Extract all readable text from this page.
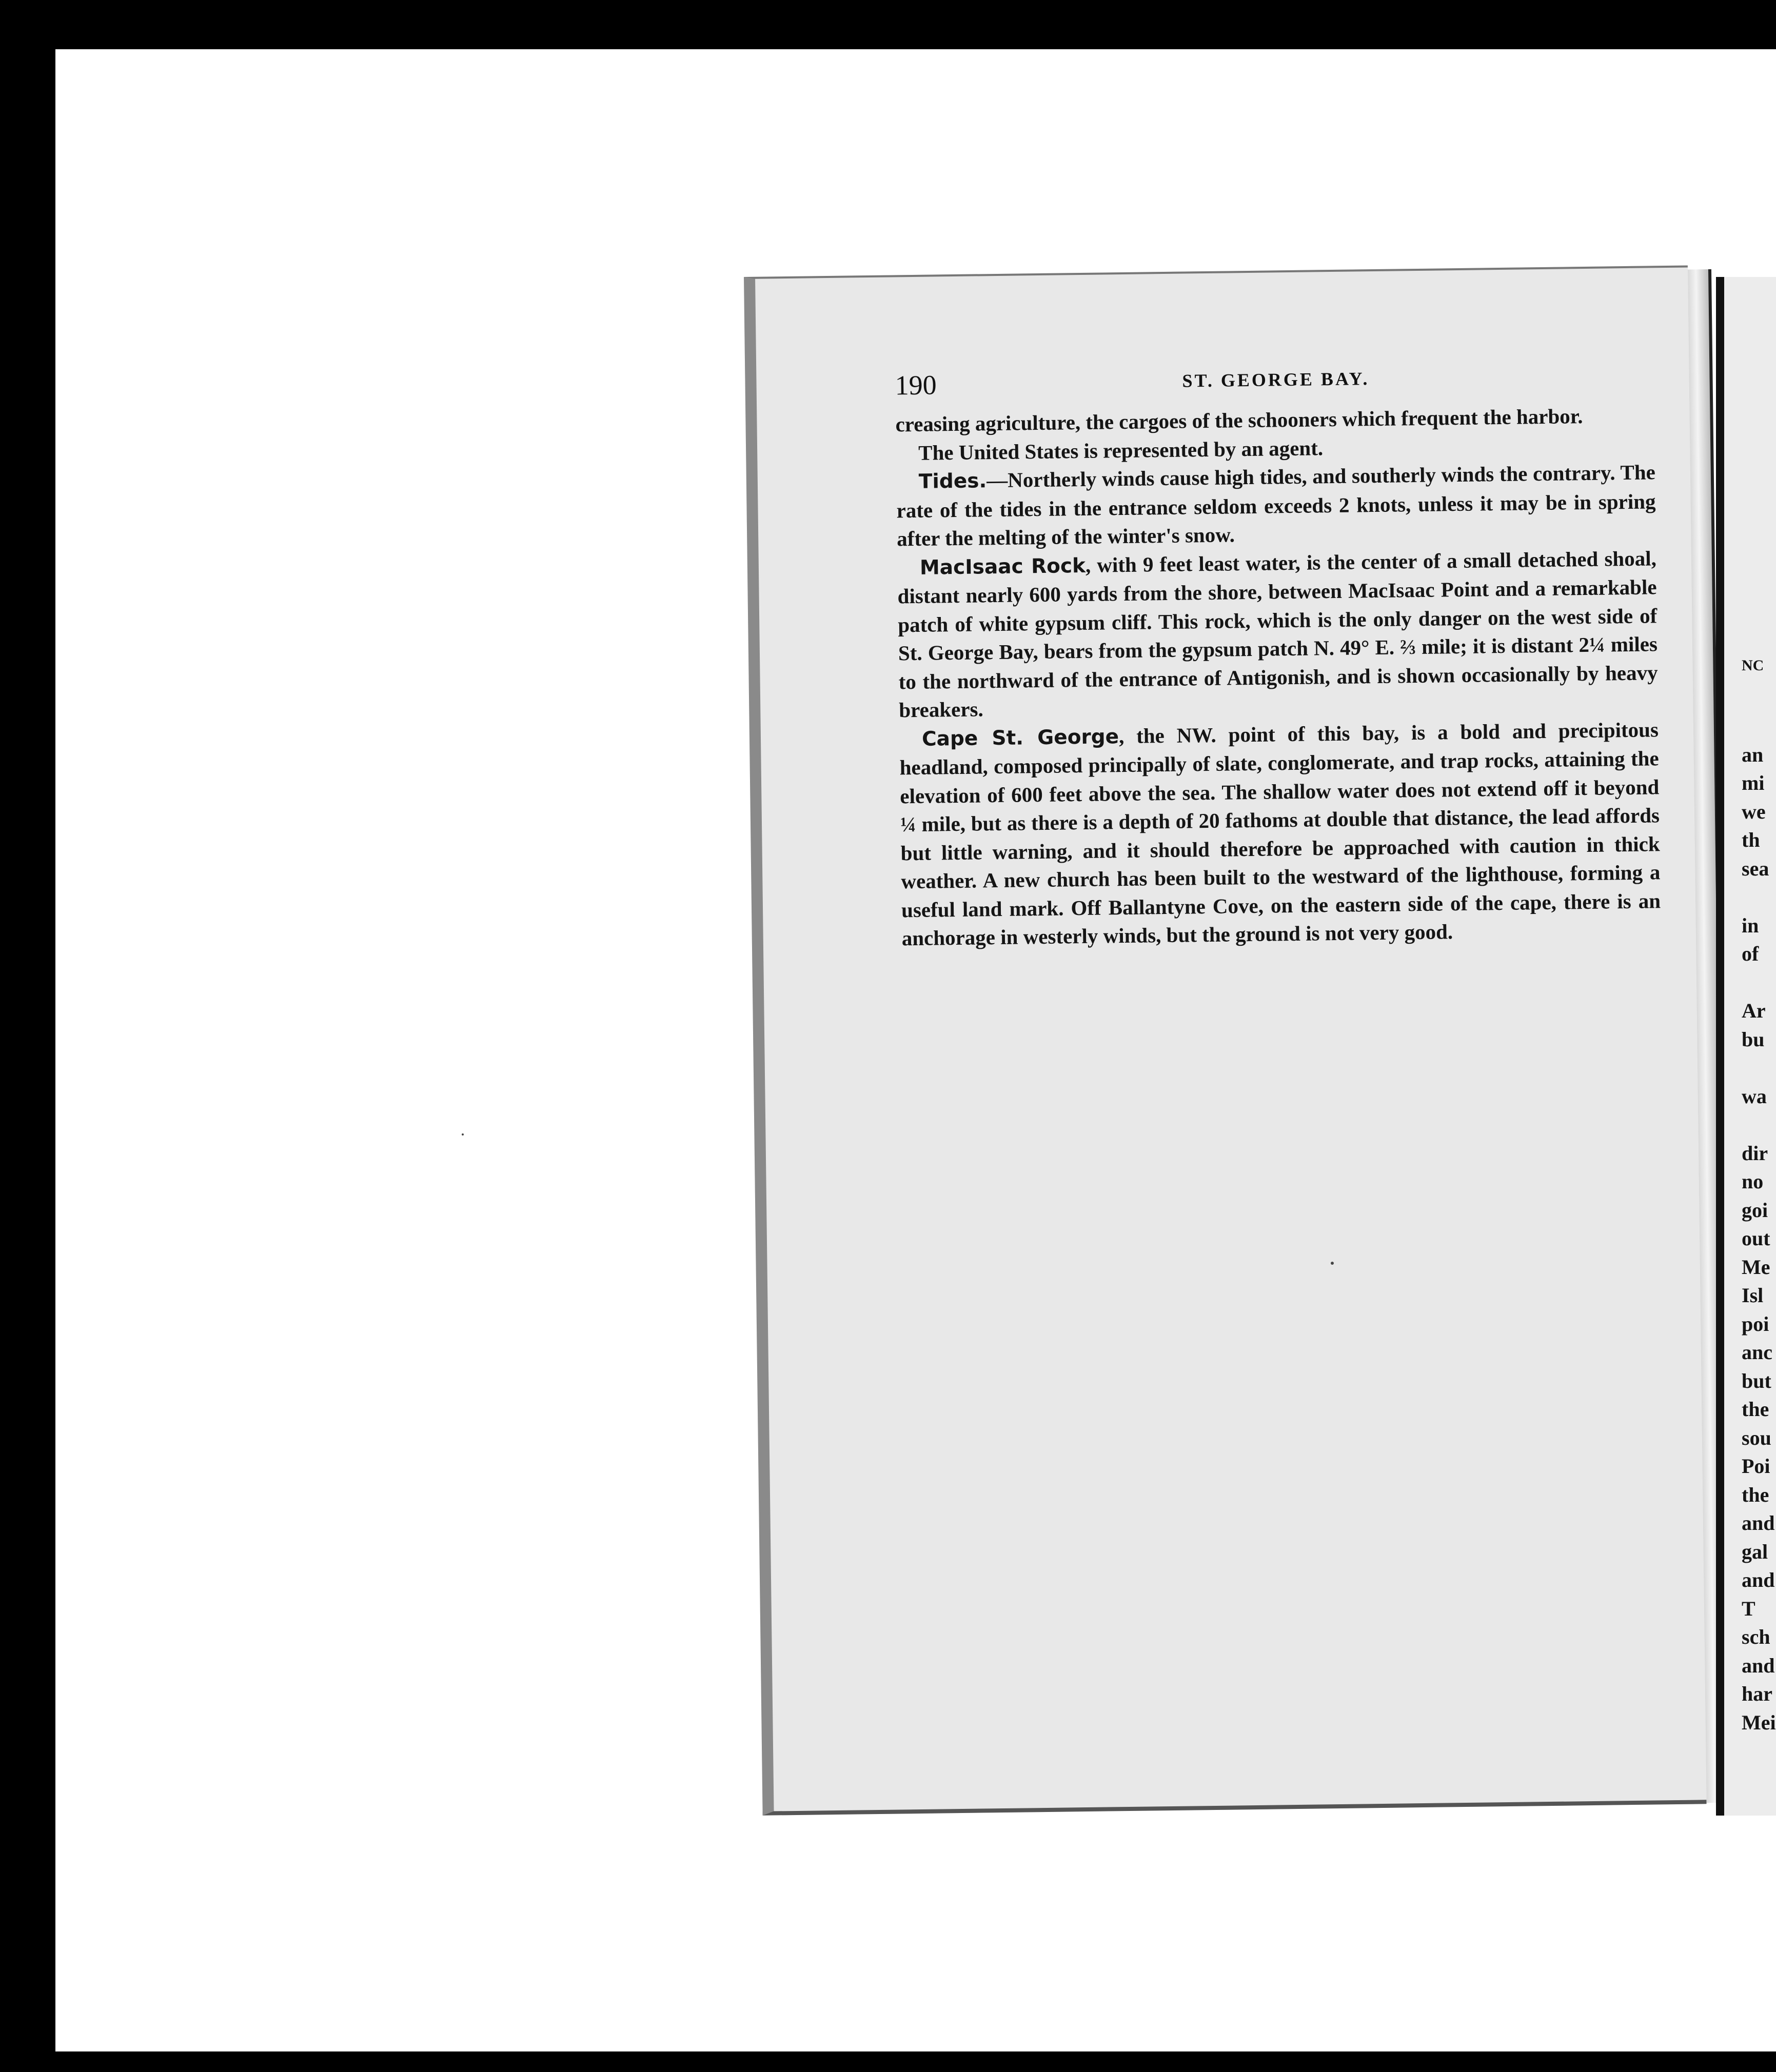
190	ST. GEORGE BAY.

creasing agriculture, the cargoes of the schooners which frequent the harbor.

The United States is represented by an agent.

Tides.—Northerly winds cause high tides, and southerly winds the contrary. The rate of the tides in the entrance seldom exceeds 2 knots, unless it may be in spring after the melting of the winter's snow.

MacIsaac Rock, with 9 feet least water, is the center of a small detached shoal, distant nearly 600 yards from the shore, between MacIsaac Point and a remarkable patch of white gypsum cliff. This rock, which is the only danger on the west side of St. George Bay, bears from the gypsum patch N. 49° E. ⅔ mile; it is distant 2¼ miles to the northward of the entrance of Antigonish, and is shown occasionally by heavy breakers.

Cape St. George, the NW. point of this bay, is a bold and precipitous headland, composed principally of slate, conglomerate, and trap rocks, attaining the elevation of 600 feet above the sea. The shallow water does not extend off it beyond ¼ mile, but as there is a depth of 20 fathoms at double that distance, the lead affords but little warning, and it should therefore be approached with caution in thick weather. A new church has been built to the westward of the lighthouse, forming a useful land mark. Off Ballantyne Cove, on the eastern side of the cape, there is an anchorage in westerly winds, but the ground is not very good.

NC
an
mi
we
th
sea
in
of
Ar
bu
wa
dir
no
goi
out
Me
Isl
poi
anc
but
the
sou
Poi
the
and
gal
and
T
sch
and
har
Mei
